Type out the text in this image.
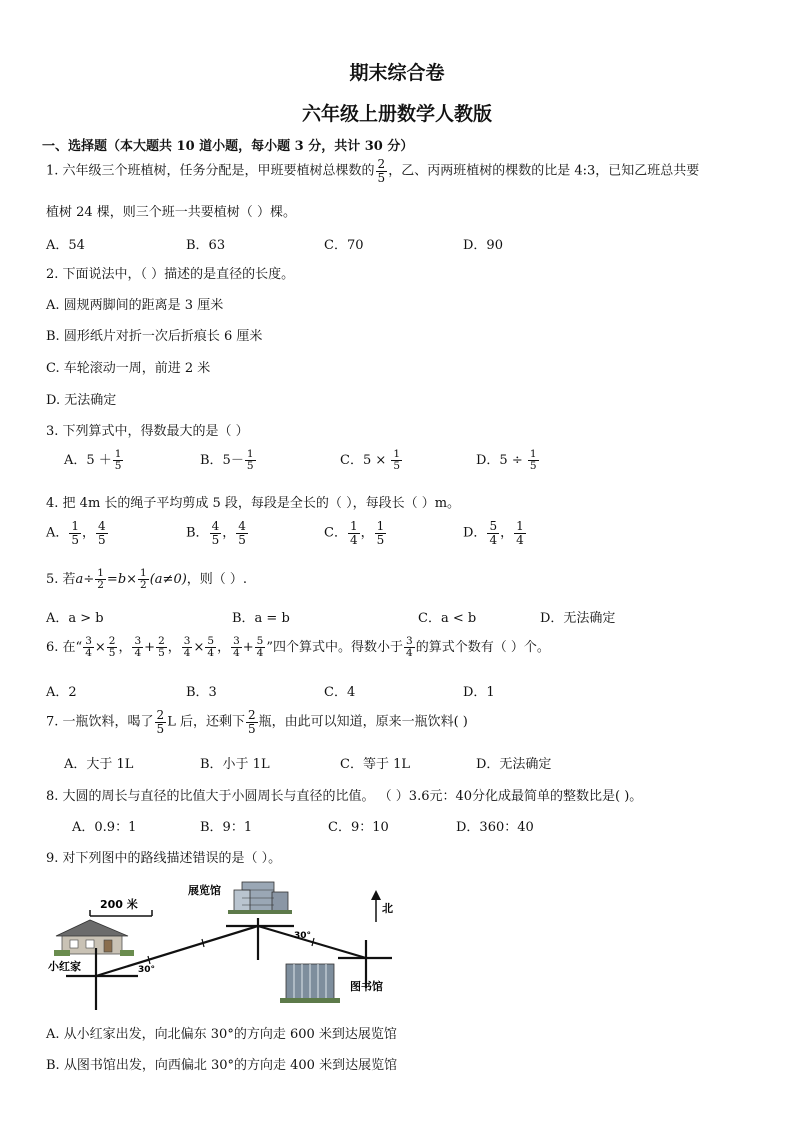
期末综合卷
六年级上册数学人教版
一、选择题（本大题共 10 道小题，每小题 3 分，共计 30 分）
1. 六年级三个班植树，任务分配是，甲班要植树总棵数的 $\frac{2}{5}$ ，乙、丙两班植树的棵数的比是 4:3，已知乙班总共要
植树 24 棵，则三个班一共要植树（ ）棵。
A．54	B．63	C．70	D．90
2. 下面说法中，（ ）描述的是直径的长度。
A. 圆规两脚间的距离是 3 厘米
B. 圆形纸片对折一次后折痕长 6 厘米
C. 车轮滚动一周，前进 2 米
D. 无法确定
3. 下列算式中，得数最大的是（ ）
A．$5 + \frac{1}{5}$	B．$5- \frac{1}{5}$	C．$5 \times \frac{1}{5}$	D．$5 \div \frac{1}{5}$
4. 把 4m 长的绳子平均剪成 5 段，每段是全长的（ ），每段长（ ）m。
A． $\frac{1}{5}$ ， $\frac{4}{5}$	B． $\frac{4}{5}$ ， $\frac{4}{5}$	C． $\frac{1}{4}$ ， $\frac{1}{5}$	D． $\frac{5}{4}$ ， $\frac{1}{4}$
5. 若$a\div \frac{1}{2} =b\times \frac{1}{2} (a\ne 0)$，则（ ）.
A．a > b	B．a = b	C．a < b	D．无法确定
6. 在“ $\frac{3}{4} \times \frac{2}{5}$ ， $\frac{3}{4} + \frac{2}{5}$ ， $\frac{3}{4} \times \frac{5}{4}$ ， $\frac{3}{4} + \frac{5}{4}$ ”四个算式中。得数小于 $\frac{3}{4}$ 的算式个数有（ ）个。
A．2	B．3	C．4	D．1
7. 一瓶饮料，喝了 $\frac{2}{5}$ L 后，还剩下 $\frac{2}{5}$ 瓶，由此可以知道，原来一瓶饮料( )
A．大于 1L	B．小于 1L	C．等于 1L	D．无法确定
8. 大圆的周长与直径的比值大于小圆周长与直径的比值。 （ ）3.6元：40分化成最简单的整数比是( )。
A．0.9：1	B．9：1	C．9：10	D．360：40
9. 对下列图中的路线描述错误的是（ ）。
200 米
小红家
展览馆
图书馆
北
30°
30°
A. 从小红家出发，向北偏东 30°的方向走 600 米到达展览馆
B. 从图书馆出发，向西偏北 30°的方向走 400 米到达展览馆
